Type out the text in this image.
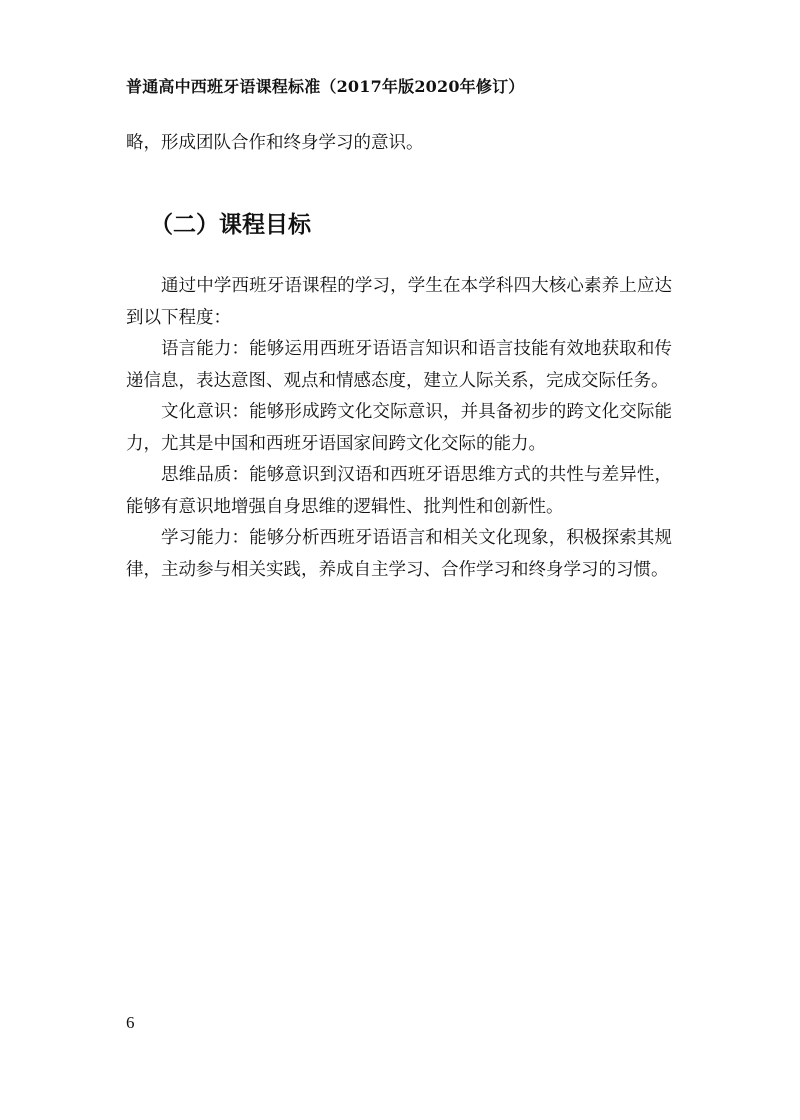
普通高中西班牙语课程标准（2017年版2020年修订）

略，形成团队合作和终身学习的意识。

（二）课程目标

通过中学西班牙语课程的学习，学生在本学科四大核心素养上应达到以下程度：

语言能力：能够运用西班牙语语言知识和语言技能有效地获取和传递信息，表达意图、观点和情感态度，建立人际关系，完成交际任务。

文化意识：能够形成跨文化交际意识，并具备初步的跨文化交际能力，尤其是中国和西班牙语国家间跨文化交际的能力。

思维品质：能够意识到汉语和西班牙语思维方式的共性与差异性，能够有意识地增强自身思维的逻辑性、批判性和创新性。

学习能力：能够分析西班牙语语言和相关文化现象，积极探索其规律，主动参与相关实践，养成自主学习、合作学习和终身学习的习惯。

6
